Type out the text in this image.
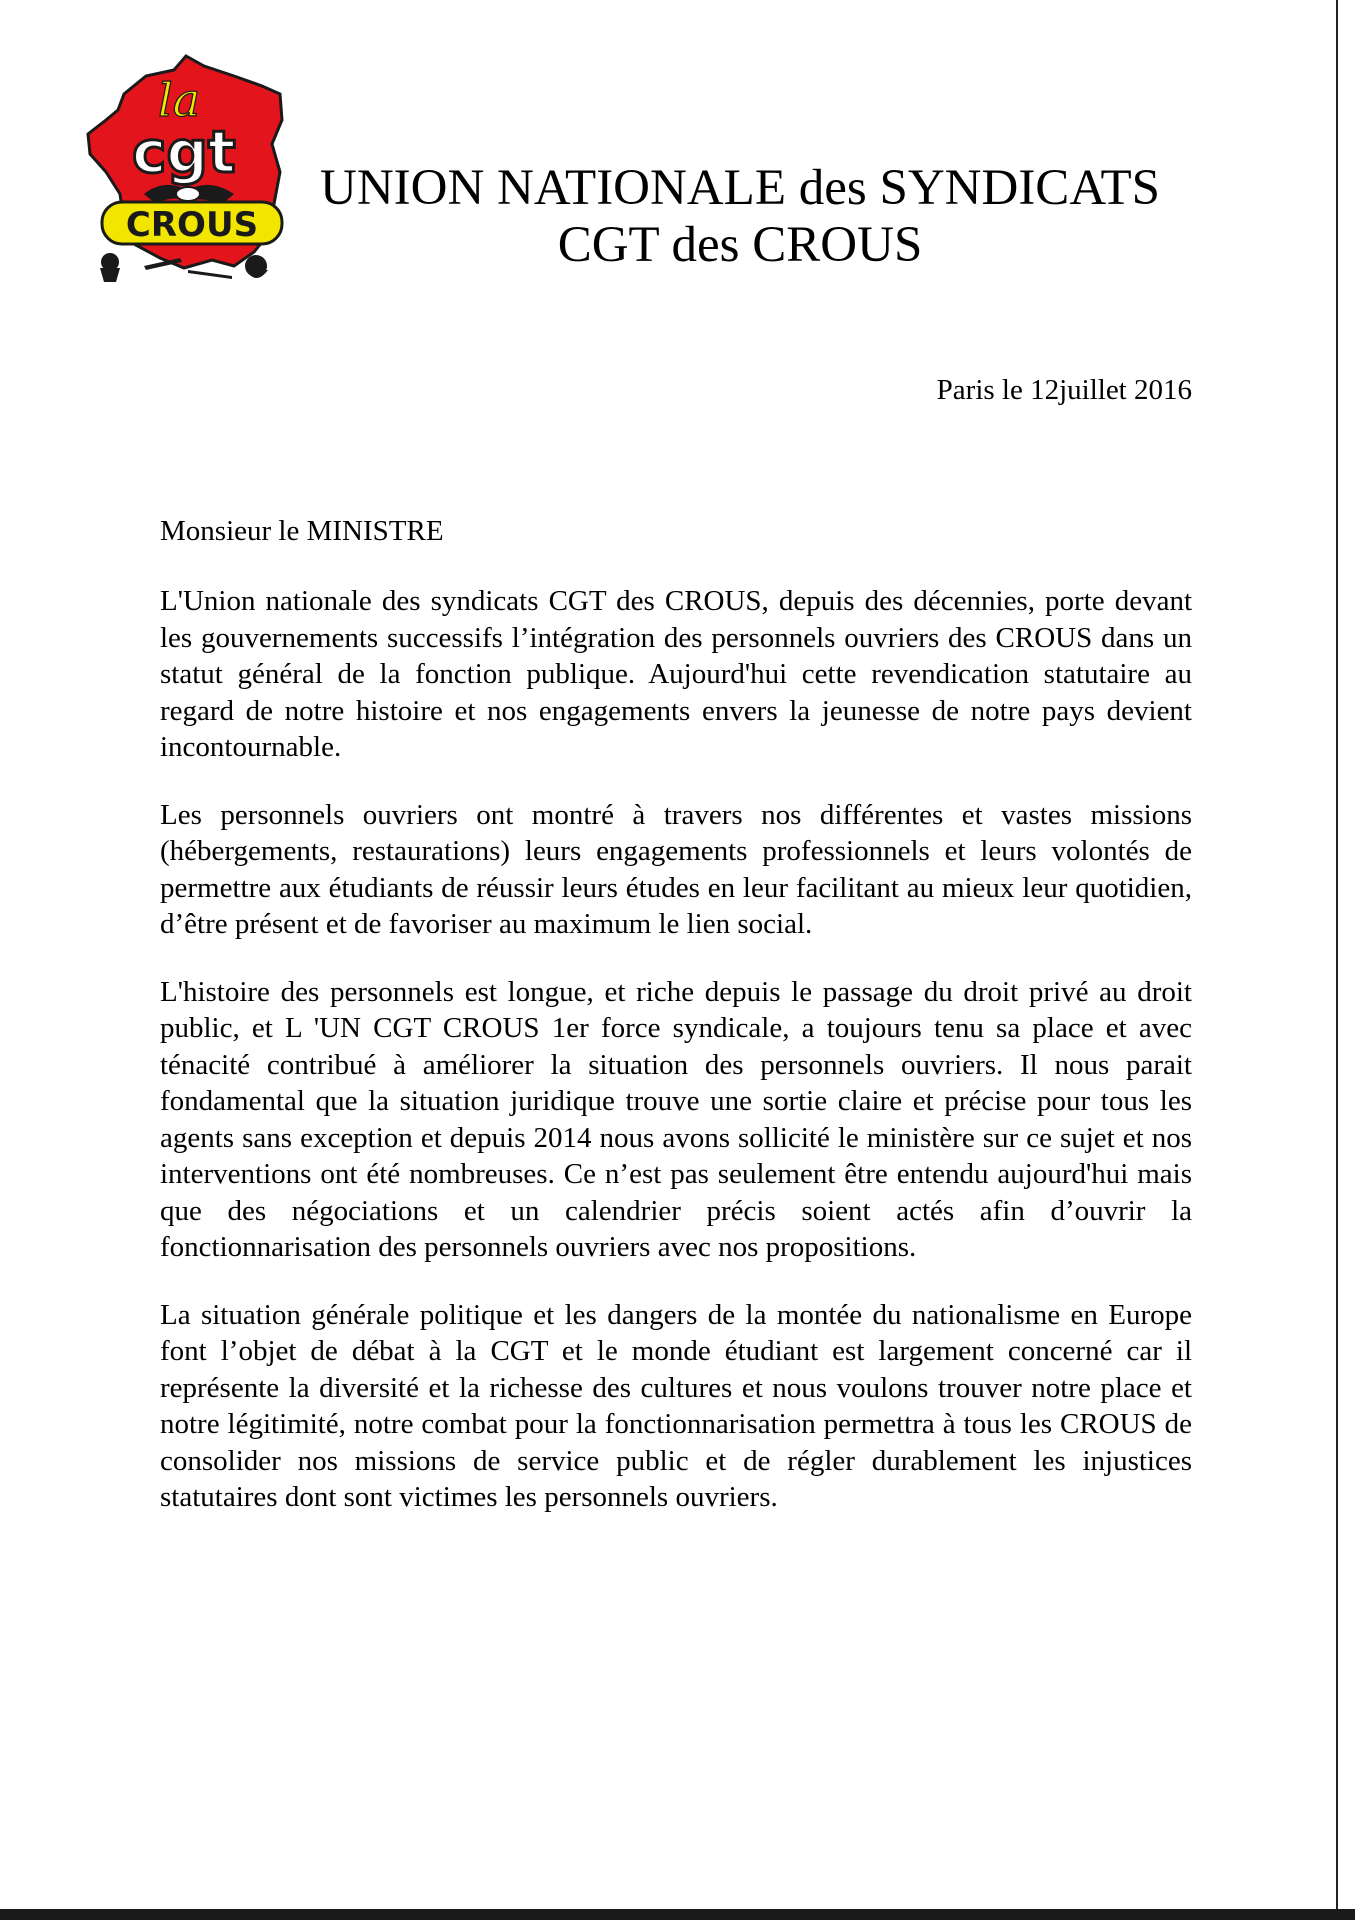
la
cgt
CROUS
UNION NATIONALE des SYNDICATS
CGT des CROUS
Paris le 12juillet 2016
Monsieur le MINISTRE

L'Union nationale des syndicats CGT des CROUS, depuis des décennies, porte devant les gouvernements successifs l’intégration des personnels ouvriers des CROUS dans un statut général de la fonction publique. Aujourd'hui cette revendication statutaire au regard de notre histoire et nos engagements envers la jeunesse de notre pays devient incontournable.

Les personnels ouvriers ont montré à travers nos différentes et vastes missions (hébergements, restaurations) leurs engagements professionnels et leurs volontés de permettre aux étudiants de réussir leurs études en leur facilitant au mieux leur quotidien, d’être présent et de favoriser au maximum le lien social.

L'histoire des personnels est longue, et riche depuis le passage du droit privé au droit public, et L 'UN CGT CROUS 1er force syndicale, a toujours tenu sa place et avec ténacité contribué à améliorer la situation des personnels ouvriers. Il nous parait fondamental que la situation juridique trouve une sortie claire et précise pour tous les agents sans exception et depuis 2014 nous avons sollicité le ministère sur ce sujet et nos interventions ont été nombreuses. Ce n’est pas seulement être entendu aujourd'hui mais que des négociations et un calendrier précis soient actés afin d’ouvrir la fonctionnarisation des personnels ouvriers avec nos propositions.

La situation générale politique et les dangers de la montée du nationalisme en Europe font l’objet de débat à la CGT et le monde étudiant est largement concerné car il représente la diversité et la richesse des cultures et nous voulons trouver notre place et notre légitimité, notre combat pour la fonctionnarisation permettra à tous les CROUS de consolider nos missions de service public et de régler durablement les injustices statutaires dont sont victimes les personnels ouvriers.
